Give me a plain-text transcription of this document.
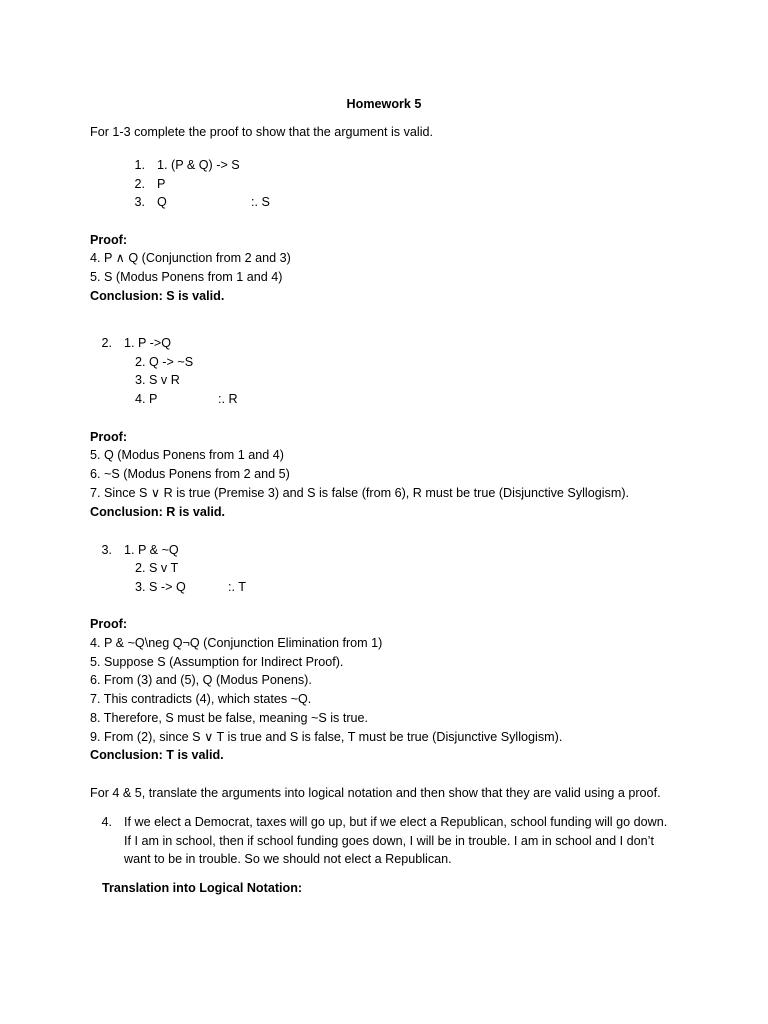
Homework 5
For 1-3 complete the proof to show that the argument is valid.
1. 1. (P & Q) -> S
2. P
3. Q	:. S
Proof:
4. P ∧ Q (Conjunction from 2 and 3)
5. S (Modus Ponens from 1 and 4)
Conclusion: S is valid.
2. 1. P ->Q
2. Q -> ~S
3. S v R
4. P	:. R
Proof:
5. Q (Modus Ponens from 1 and 4)
6. ~S (Modus Ponens from 2 and 5)
7. Since S ∨ R is true (Premise 3) and S is false (from 6), R must be true (Disjunctive Syllogism).
Conclusion: R is valid.
3. 1. P & ~Q
2. S v T
3. S -> Q	:. T
Proof:
4. P & ~Q\neg Q¬Q (Conjunction Elimination from 1)
5. Suppose S (Assumption for Indirect Proof).
6. From (3) and (5), Q (Modus Ponens).
7. This contradicts (4), which states ~Q.
8. Therefore, S must be false, meaning ~S is true.
9. From (2), since S ∨ T is true and S is false, T must be true (Disjunctive Syllogism).
Conclusion: T is valid.
For 4 & 5, translate the arguments into logical notation and then show that they are valid using a proof.
4. If we elect a Democrat, taxes will go up, but if we elect a Republican, school funding will go down.
If I am in school, then if school funding goes down, I will be in trouble. I am in school and I don’t
want to be in trouble. So we should not elect a Republican.
Translation into Logical Notation:
